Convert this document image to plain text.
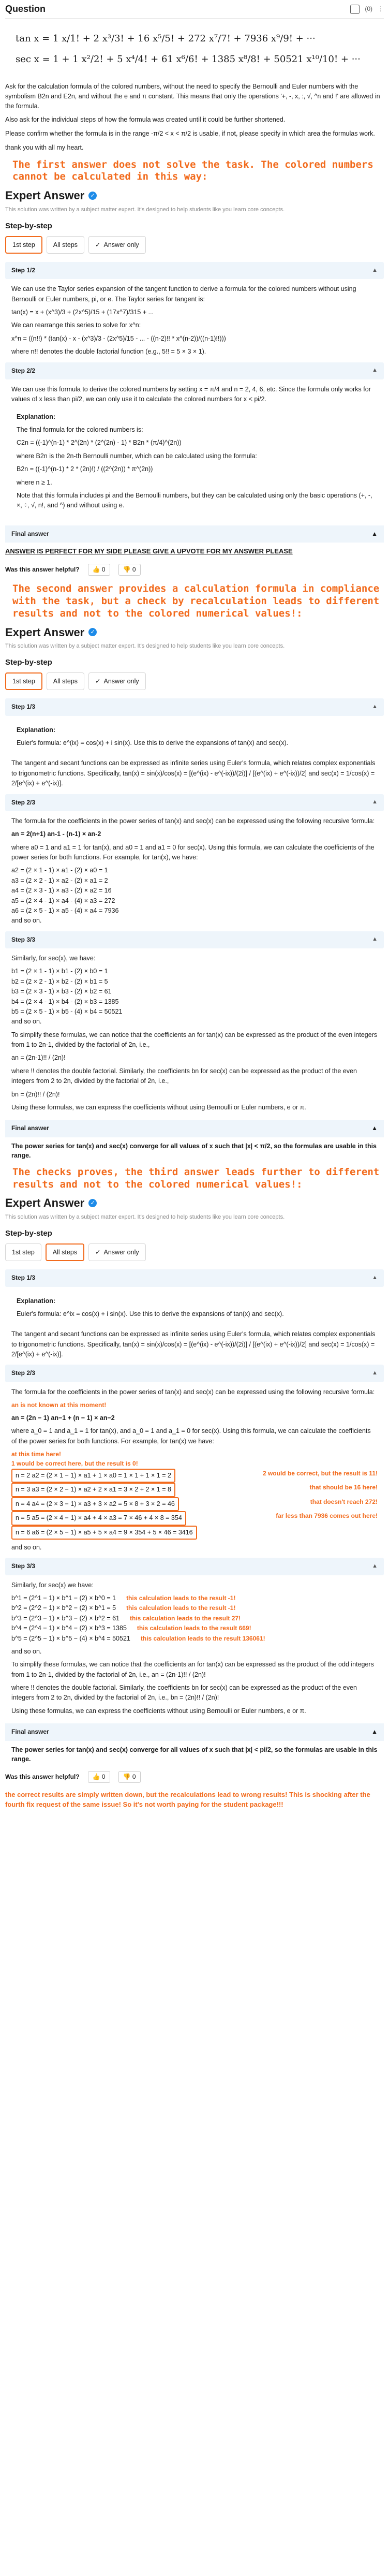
Question	(0) ⋮
tan x = 1 x/1! + 2 x³/3! + 16 x⁵/5! + 272 x⁷/7! + 7936 x⁹/9! + ···
sec x = 1 + 1 x²/2! + 5 x⁴/4! + 61 x⁶/6! + 1385 x⁸/8! + 50521 x¹⁰/10! + ···
Ask for the calculation formula of the colored numbers, without the need to specify the Bernoulli and Euler numbers with the symbolism B2n and E2n, and without the e and π constant. This means that only the operations '+, -, x, :, √, ^n and !' are allowed in the formula.
Also ask for the individual steps of how the formula was created until it could be further shortened.
Please confirm whether the formula is in the range -π/2 < x < π/2 is usable, if not, please specify in which area the formulas work.
thank you with all my heart.
The first answer does not solve the task. The colored numbers cannot be calculated in this way:
Expert Answer	✓
This solution was written by a subject matter expert. It's designed to help students like you learn core concepts.
Step-by-step
1st step	All steps	✓ Answer only
Step 1/2	▲

We can use the Taylor series expansion of the tangent function to derive a formula for the colored numbers without using Bernoulli or Euler numbers, pi, or e. The Taylor series for tangent is:

tan(x) = x + (x^3)/3 + (2x^5)/15 + (17x^7)/315 + ...

We can rearrange this series to solve for x^n:

x^n = ((n!!) * (tan(x) - x - (x^3)/3 - (2x^5)/15 - ... - ((n-2)!! * x^(n-2))/((n-1)!!)))

where n!! denotes the double factorial function (e.g., 5!! = 5 × 3 × 1).

Step 2/2	▲

We can use this formula to derive the colored numbers by setting x = π/4 and n = 2, 4, 6, etc. Since the formula only works for values of x less than pi/2, we can only use it to calculate the colored numbers for x < pi/2.

Explanation:

The final formula for the colored numbers is:

C2n = ((-1)^(n-1) * 2^(2n) * (2^(2n) - 1) * B2n * (π/4)^(2n))

where B2n is the 2n-th Bernoulli number, which can be calculated using the formula:

B2n = ((-1)^(n-1) * 2 * (2n)!) / ((2^(2n)) * π^(2n))

where n ≥ 1.

Note that this formula includes pi and the Bernoulli numbers, but they can be calculated using only the basic operations (+, -, ×, ÷, √, n!, and ^) and without using e.

Final answer	▲
ANSWER IS PERFECT FOR MY SIDE PLEASE GIVE A UPVOTE FOR MY ANSWER PLEASE
Was this answer helpful?	👍 0	👎 0
The second answer provides a calculation formula in compliance with the task, but a check by recalculation leads to different results and not to the colored numerical values!:
Expert Answer	✓
This solution was written by a subject matter expert. It's designed to help students like you learn core concepts.
Step-by-step
1st step	All steps	✓ Answer only
Step 1/3	▲
Explanation:

Euler's formula: e^(ix) = cos(x) + i sin(x). Use this to derive the expansions of tan(x) and sec(x).

The tangent and secant functions can be expressed as infinite series using Euler's formula, which relates complex exponentials to trigonometric functions. Specifically, tan(x) = sin(x)/cos(x) = [(e^(ix) - e^(-ix))/(2i)] / [(e^(ix) + e^(-ix))/2] and sec(x) = 1/cos(x) = 2/[e^(ix) + e^(-ix)].

Step 2/3	▲

The formula for the coefficients in the power series of tan(x) and sec(x) can be expressed using the following recursive formula:

an = 2(n+1) an-1 - (n-1) × an-2

where a0 = 1 and a1 = 1 for tan(x), and a0 = 1 and a1 = 0 for sec(x). Using this formula, we can calculate the coefficients of the power series for both functions. For example, for tan(x), we have:

a2 = (2 × 1 - 1) × a1 - (2) × a0 = 1
a3 = (2 × 2 - 1) × a2 - (2) × a1 = 2
a4 = (2 × 3 - 1) × a3 - (2) × a2 = 16
a5 = (2 × 4 - 1) × a4 - (4) × a3 = 272
a6 = (2 × 5 - 1) × a5 - (4) × a4 = 7936
and so on.
Step 3/3	▲

Similarly, for sec(x), we have:

b1 = (2 × 1 - 1) × b1 - (2) × b0 = 1
b2 = (2 × 2 - 1) × b2 - (2) × b1 = 5
b3 = (2 × 3 - 1) × b3 - (2) × b2 = 61
b4 = (2 × 4 - 1) × b4 - (2) × b3 = 1385
b5 = (2 × 5 - 1) × b5 - (4) × b4 = 50521
and so on.

To simplify these formulas, we can notice that the coefficients an for tan(x) can be expressed as the product of the even integers from 1 to 2n-1, divided by the factorial of 2n, i.e.,

an = (2n-1)!! / (2n)!

where !! denotes the double factorial. Similarly, the coefficients bn for sec(x) can be expressed as the product of the even integers from 2 to 2n, divided by the factorial of 2n, i.e.,

bn = (2n)!! / (2n)!

Using these formulas, we can express the coefficients without using Bernoulli or Euler numbers, e or π.

Final answer	▲
The power series for tan(x) and sec(x) converge for all values of x such that |x| < π/2, so the formulas are usable in this range.
The checks proves, the third answer leads further to different results and not to the colored numerical values!:
Expert Answer	✓
This solution was written by a subject matter expert. It's designed to help students like you learn core concepts.
Step-by-step
1st step	All steps	✓ Answer only
Step 1/3	▲
Explanation:

Euler's formula: e^ix = cos(x) + i sin(x). Use this to derive the expansions of tan(x) and sec(x).

The tangent and secant functions can be expressed as infinite series using Euler's formula, which relates complex exponentials to trigonometric functions. Specifically, tan(x) = sin(x)/cos(x) = [(e^(ix) - e^(-ix))/(2i)] / [(e^(ix) + e^(-ix))/2] and sec(x) = 1/cos(x) = 2/[e^(ix) + e^(-ix)].

Step 2/3	▲

The formula for the coefficients in the power series of tan(x) and sec(x) can be expressed using the following recursive formula:

an is not known at this moment!

an = (2n − 1) an−1 + (n − 1) × an−2

where a_0 = 1 and a_1 = 1 for tan(x), and a_0 = 1 and a_1 = 0 for sec(x). Using this formula, we can calculate the coefficients of the power series for both functions. For example, for tan(x) we have:

at this time here!

1 would be correct here, but the result is 0!

n = 2 a2 = (2 × 1 − 1) × a1 + 1 × a0 = 1 × 1 + 1 × 1 = 2	2 would be correct, but the result is 11!
n = 3 a3 = (2 × 2 − 1) × a2 + 2 × a1 = 3 × 2 + 2 × 1 = 8	that should be 16 here!
n = 4 a4 = (2 × 3 − 1) × a3 + 3 × a2 = 5 × 8 + 3 × 2 = 46	that doesn't reach 272!
n = 5 a5 = (2 × 4 − 1) × a4 + 4 × a3 = 7 × 46 + 4 × 8 = 354	far less than 7936 comes out here!
n = 6 a6 = (2 × 5 − 1) × a5 + 5 × a4 = 9 × 354 + 5 × 46 = 3416

and so on.

Step 3/3	▲

Similarly, for sec(x) we have:

b^1 = (2^1 − 1) × b^1 − (2) × b^0 = 1 this calculation leads to the result -1!
b^2 = (2^2 − 1) × b^2 − (2) × b^1 = 5 this calculation leads to the result -1!
b^3 = (2^3 − 1) × b^3 − (2) × b^2 = 61 this calculation leads to the result 27!
b^4 = (2^4 − 1) × b^4 − (2) × b^3 = 1385 this calculation leads to the result 669!
b^5 = (2^5 − 1) × b^5 − (4) × b^4 = 50521 this calculation leads to the result 136061!

and so on.

To simplify these formulas, we can notice that the coefficients an for tan(x) can be expressed as the product of the odd integers from 1 to 2n-1, divided by the factorial of 2n, i.e., an = (2n-1)!! / (2n)!

where !! denotes the double factorial. Similarly, the coefficients bn for sec(x) can be expressed as the product of the even integers from 2 to 2n, divided by the factorial of 2n, i.e., bn = (2n)!! / (2n)!

Using these formulas, we can express the coefficients without using Bernoulli or Euler numbers, e or π.

Final answer	▲
The power series for tan(x) and sec(x) converge for all values of x such that |x| < pi/2, so the formulas are usable in this range.
Was this answer helpful?	👍 0	👎 0
the correct results are simply written down, but the recalculations lead to wrong results! This is shocking after the fourth fix request of the same issue! So it's not worth paying for the student package!!!
